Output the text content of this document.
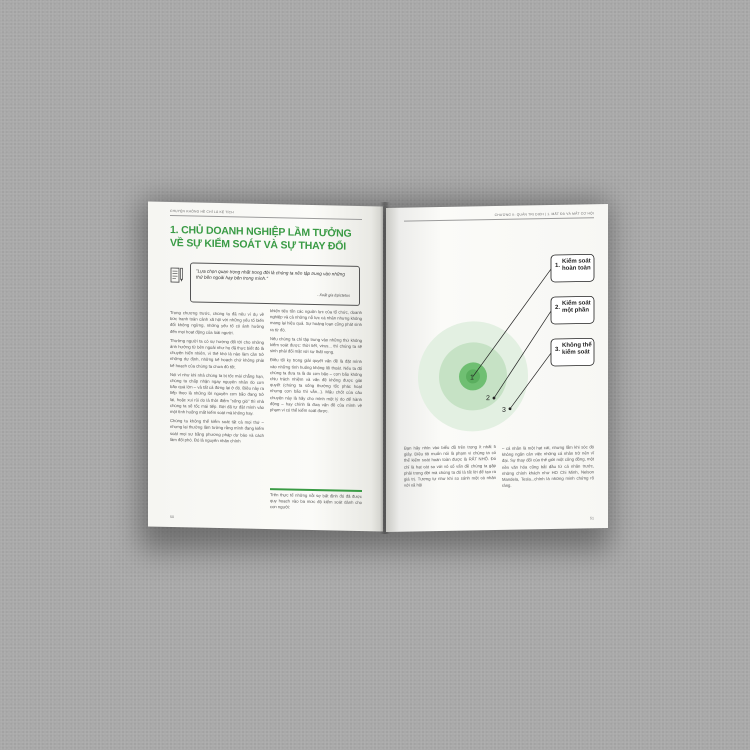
CHUYỆN KHÔNG HỀ CHỈ LÀ KỂ TÍCH
1. CHỦ DOANH NGHIỆP LẦM TƯỞNG VỀ SỰ KIỂM SOÁT VÀ SỰ THAY ĐỔI
"Lựa chọn quan trọng nhất trong đời là chúng ta nên tập trung vào những thứ bên ngoài hay bên trong mình."
- Xuất gia Epictetus

Trong chương trước, chúng ta đã nêu ví dụ về bức tranh toàn cảnh xã hội với những yếu tố biến đổi không ngừng, những yếu tố có ảnh hưởng đến mọi hoạt động của loài người.

Thường người ta có sự hướng đổi tới cho những ảnh hưởng từ bên ngoài như họ đã thực biết đó là chuyện hiển nhiên, vì thế khó là nào làm cần trở những dự định, những kế hoạch chứ không phải kế hoạch của chúng ta chưa đủ tốt.

Nói ví như khi nhà chúng ta bị tốc mái chẳng hạn, chúng ta chấp nhận ngay nguyên nhân do cơn bão quá lớn – và tất cả đứng lại ở đó. Điều này ra tiếp theo là những lời nguyền cơn bão đang trở lại, hoặc xui rủi do là thời điểm "sống gió" thì nhà chúng ta sẽ tốc mái tiếp. Bởi đã tự đặt mình vào một tình huống mất kiểm soát mà không hay.

Chúng ta không thể kiểm soát tất cả mọi thứ – nhưng lại thường lầm tưởng rằng mình đang kiểm soát mọi sự bằng phương pháp dự báo và cách làm đối phó. Đó là nguyên nhân chính

khiến tiêu tốn các nguồn lực của tổ chức, doanh nghiệp và cả những nỗ lực cá nhân nhưng không mang lại hiệu quả. Sự hoảng loạn cũng phát sinh ra từ đó.

Nếu chúng ta chỉ tập trung vào những thứ không kiểm soát được: thời tiết, virus... thì chúng ta sẽ sinh phải đối mặt với sự thất vọng.

Điều tối kỵ trong giải quyết vấn đề là đặt mình vào những tình huống không lối thoát. Nếu ta đổ chúng ta đưa ra là do cơn bão – cơn bão không chịu trách nhiệm và vấn đề không được giải quyết (chúng ta sống thường tốc phác hoạt nhưng cơn bão thì vẫn...). Mấu chốt của câu chuyện này là hãy cho mình một lý do để hành động – hay chính là đưa vấn đề của mình về phạm vi có thể kiểm soát được.

Trên thực tế những nỗi sợ bất định đó đã được quy hoạch vào ba mức độ kiểm soát dành cho con người:
50
CHƯƠNG II: QUẢN TRỊ DỊCH | 1. MẤT ĐÀ VÀ MẤT CƠ HỘI
1
2
3
1.
Kiểm soát hoàn toàn
2.
Kiểm soát một phần
3.
Không thể kiểm soát
Bạn hãy nhìn vào biểu đồ trên trong ít nhất 5 giây. Điều tôi muốn nói là phạm vi chúng ta có thể kiểm soát hoàn toàn được là RẤT NHỎ. Đó chỉ là hạt cát so với vô số vấn đề chúng ta gặp phải trong đời mà chúng ta đó là tất lời để tạo ra giá trị. Tương tự như khi so sánh một cá nhân với xã hội
– cá nhân là một hạt cát, nhưng lắm khi sóc đó không ngăn cản việc những cá nhân trở nên vĩ đại. Sự thay đổi của thế giới một công đồng, một nền văn hóa cũng bắt đầu từ cá nhân trước, những chính khách như HO Chi Minh, Nelson Mandela, Tesla...chính là những minh chứng rõ ràng.
51
